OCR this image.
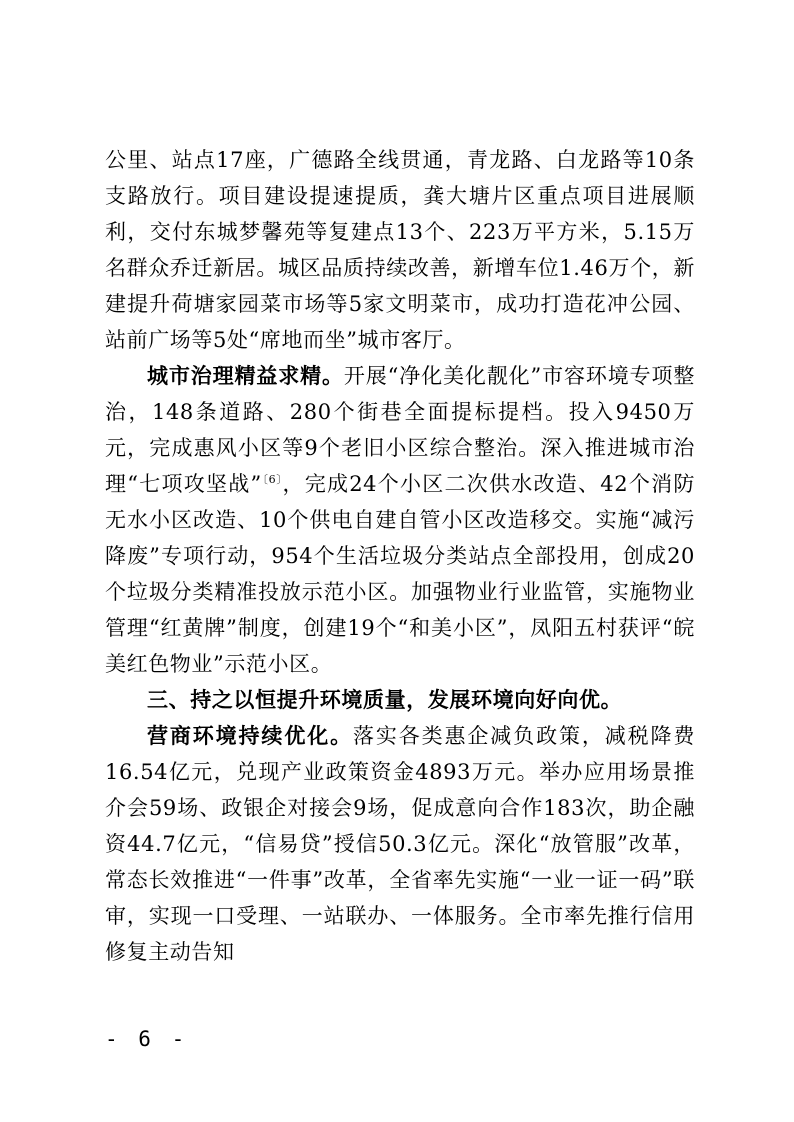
公里、站点17座，广德路全线贯通，青龙路、白龙路等10条支路放行。项目建设提速提质，龚大塘片区重点项目进展顺利，交付东城梦馨苑等复建点13个、223万平方米，5.15万名群众乔迁新居。城区品质持续改善，新增车位1.46万个，新建提升荷塘家园菜市场等5家文明菜市，成功打造花冲公园、站前广场等5处“席地而坐”城市客厅。

城市治理精益求精。开展“净化美化靓化”市容环境专项整治，148条道路、280个街巷全面提标提档。投入9450万元，完成惠风小区等9个老旧小区综合整治。深入推进城市治理“七项攻坚战”$^{〔6〕}$，完成24个小区二次供水改造、42个消防无水小区改造、10个供电自建自管小区改造移交。实施“减污降废”专项行动，954个生活垃圾分类站点全部投用，创成20个垃圾分类精准投放示范小区。加强物业行业监管，实施物业管理“红黄牌”制度，创建19个“和美小区”，凤阳五村获评“皖美红色物业”示范小区。

三、持之以恒提升环境质量，发展环境向好向优。

营商环境持续优化。落实各类惠企减负政策，减税降费16.54亿元，兑现产业政策资金4893万元。举办应用场景推介会59场、政银企对接会9场，促成意向合作183次，助企融资44.7亿元，“信易贷”授信50.3亿元。深化“放管服”改革，常态长效推进“一件事”改革，全省率先实施“一业一证一码”联审，实现一口受理、一站联办、一体服务。全市率先推行信用修复主动告知

- 6 -
